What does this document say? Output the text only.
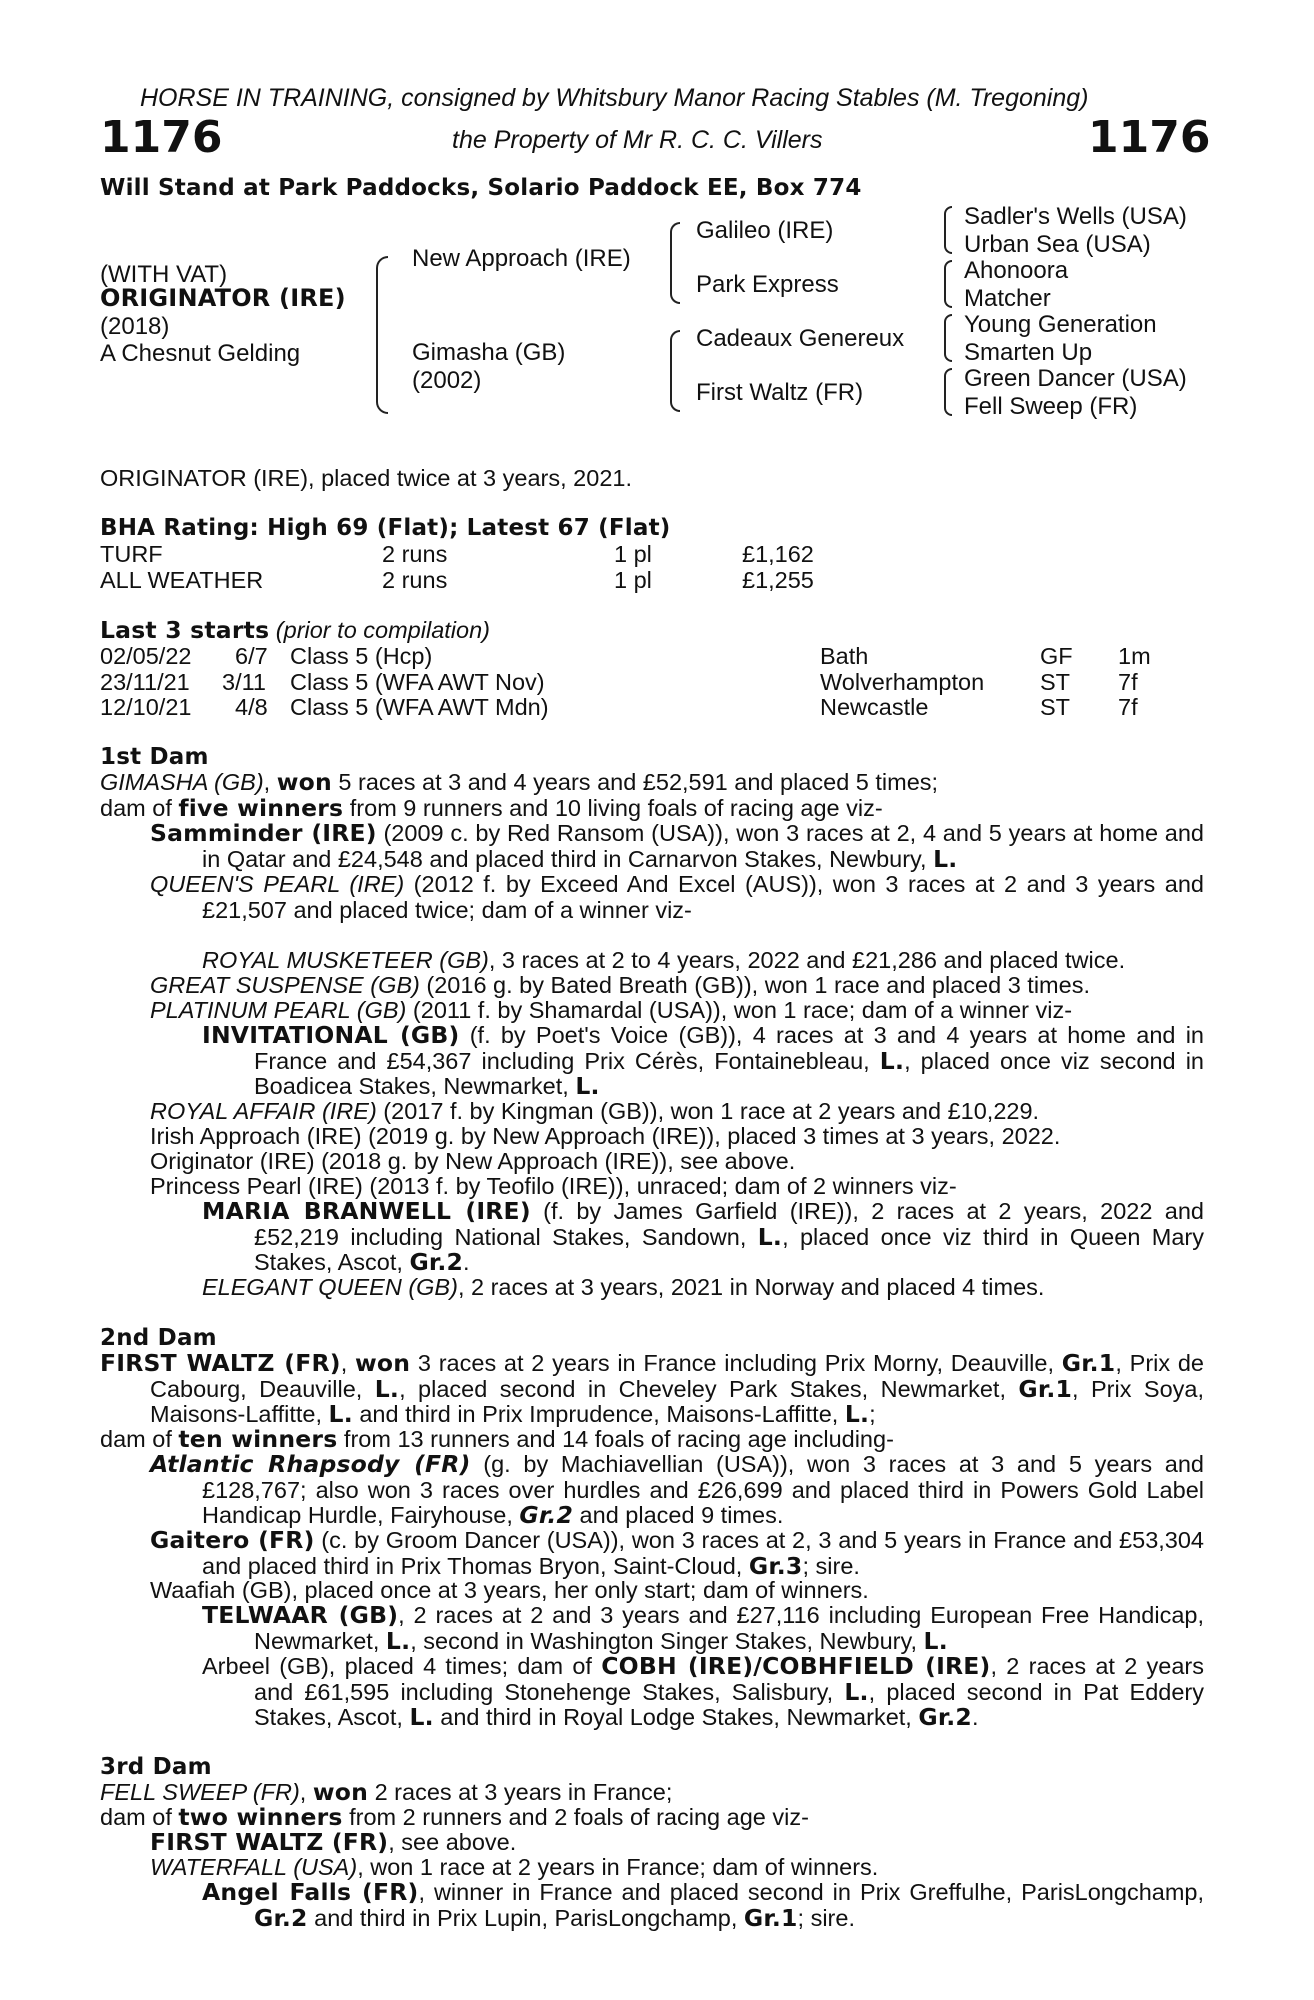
HORSE IN TRAINING, consigned by Whitsbury Manor Racing Stables (M. Tregoning)
1176	the Property of Mr R. C. C. Villers	1176
Will Stand at Park Paddocks, Solario Paddock EE, Box 774
(WITH VAT)
ORIGINATOR (IRE)
(2018)
A Chesnut Gelding
New Approach (IRE)
Gimasha (GB)
(2002)
Galileo (IRE)
Park Express
Cadeaux Genereux
First Waltz (FR)
Sadler's Wells (USA)
Urban Sea (USA)
Ahonoora
Matcher
Young Generation
Smarten Up
Green Dancer (USA)
Fell Sweep (FR)
ORIGINATOR (IRE), placed twice at 3 years, 2021.
BHA Rating: High 69 (Flat); Latest 67 (Flat)
TURF	2 runs	1 pl	£1,162
ALL WEATHER	2 runs	1 pl	£1,255
Last 3 starts (prior to compilation)
02/05/22 6/7 Class 5 (Hcp)	Bath	GF 1m
23/11/21 3/11 Class 5 (WFA AWT Nov)	Wolverhampton ST 7f
12/10/21 4/8 Class 5 (WFA AWT Mdn)	Newcastle	ST 7f
1st Dam
GIMASHA (GB), won 5 races at 3 and 4 years and £52,591 and placed 5 times;
dam of five winners from 9 runners and 10 living foals of racing age viz-
Samminder (IRE) (2009 c. by Red Ransom (USA)), won 3 races at 2, 4 and 5 years at home and in Qatar and £24,548 and placed third in Carnarvon Stakes, Newbury, L.
QUEEN'S PEARL (IRE) (2012 f. by Exceed And Excel (AUS)), won 3 races at 2 and 3 years and £21,507 and placed twice; dam of a winner viz-
ROYAL MUSKETEER (GB), 3 races at 2 to 4 years, 2022 and £21,286 and placed twice.
GREAT SUSPENSE (GB) (2016 g. by Bated Breath (GB)), won 1 race and placed 3 times.
PLATINUM PEARL (GB) (2011 f. by Shamardal (USA)), won 1 race; dam of a winner viz-
INVITATIONAL (GB) (f. by Poet's Voice (GB)), 4 races at 3 and 4 years at home and in France and £54,367 including Prix Cérès, Fontainebleau, L., placed once viz second in Boadicea Stakes, Newmarket, L.
ROYAL AFFAIR (IRE) (2017 f. by Kingman (GB)), won 1 race at 2 years and £10,229.
Irish Approach (IRE) (2019 g. by New Approach (IRE)), placed 3 times at 3 years, 2022.
Originator (IRE) (2018 g. by New Approach (IRE)), see above.
Princess Pearl (IRE) (2013 f. by Teofilo (IRE)), unraced; dam of 2 winners viz-
MARIA BRANWELL (IRE) (f. by James Garfield (IRE)), 2 races at 2 years, 2022 and £52,219 including National Stakes, Sandown, L., placed once viz third in Queen Mary Stakes, Ascot, Gr.2.
ELEGANT QUEEN (GB), 2 races at 3 years, 2021 in Norway and placed 4 times.
2nd Dam
FIRST WALTZ (FR), won 3 races at 2 years in France including Prix Morny, Deauville, Gr.1, Prix de Cabourg, Deauville, L., placed second in Cheveley Park Stakes, Newmarket, Gr.1, Prix Soya, Maisons-Laffitte, L. and third in Prix Imprudence, Maisons-Laffitte, L.;
dam of ten winners from 13 runners and 14 foals of racing age including-
Atlantic Rhapsody (FR) (g. by Machiavellian (USA)), won 3 races at 3 and 5 years and £128,767; also won 3 races over hurdles and £26,699 and placed third in Powers Gold Label Handicap Hurdle, Fairyhouse, Gr.2 and placed 9 times.
Gaitero (FR) (c. by Groom Dancer (USA)), won 3 races at 2, 3 and 5 years in France and £53,304 and placed third in Prix Thomas Bryon, Saint-Cloud, Gr.3; sire.
Waafiah (GB), placed once at 3 years, her only start; dam of winners.
TELWAAR (GB), 2 races at 2 and 3 years and £27,116 including European Free Handicap, Newmarket, L., second in Washington Singer Stakes, Newbury, L.
Arbeel (GB), placed 4 times; dam of COBH (IRE)/COBHFIELD (IRE), 2 races at 2 years and £61,595 including Stonehenge Stakes, Salisbury, L., placed second in Pat Eddery Stakes, Ascot, L. and third in Royal Lodge Stakes, Newmarket, Gr.2.
3rd Dam
FELL SWEEP (FR), won 2 races at 3 years in France;
dam of two winners from 2 runners and 2 foals of racing age viz-
FIRST WALTZ (FR), see above.
WATERFALL (USA), won 1 race at 2 years in France; dam of winners.
Angel Falls (FR), winner in France and placed second in Prix Greffulhe, ParisLongchamp, Gr.2 and third in Prix Lupin, ParisLongchamp, Gr.1; sire.
